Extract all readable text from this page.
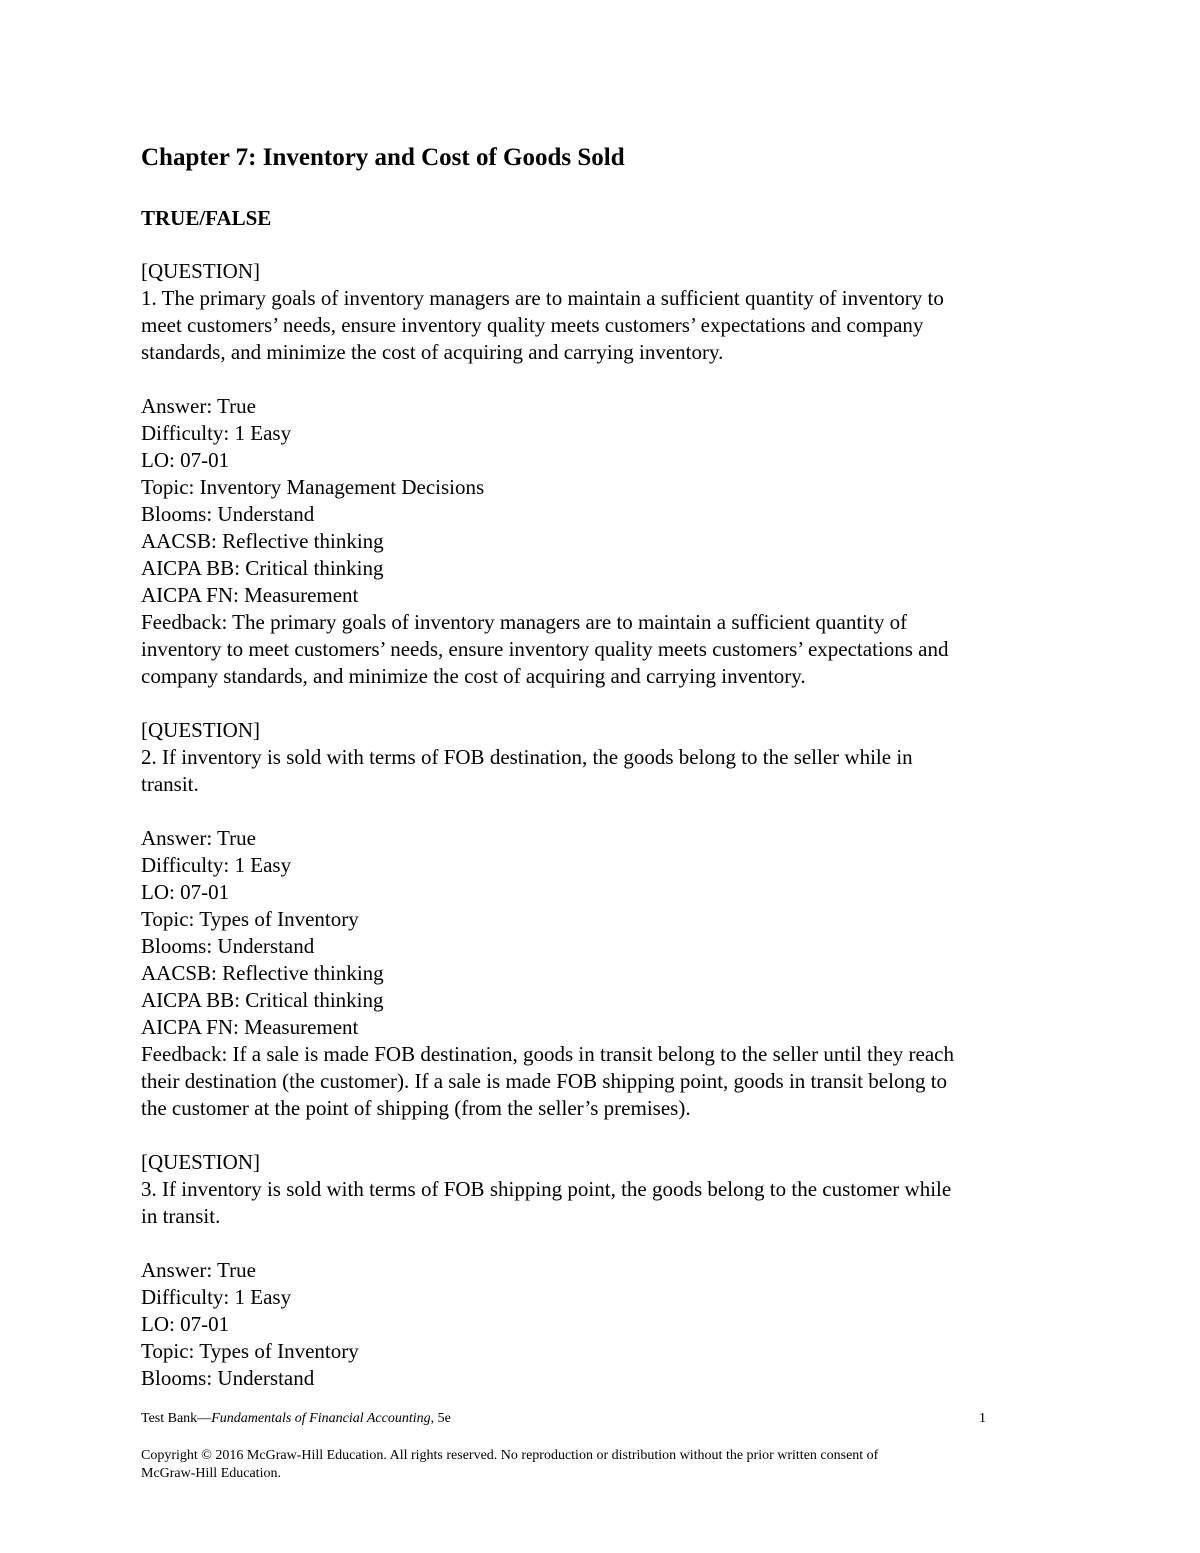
Chapter 7: Inventory and Cost of Goods Sold
TRUE/FALSE
[QUESTION]
1. The primary goals of inventory managers are to maintain a sufficient quantity of inventory to
meet customers’ needs, ensure inventory quality meets customers’ expectations and company
standards, and minimize the cost of acquiring and carrying inventory.
Answer: True
Difficulty: 1 Easy
LO: 07-01
Topic: Inventory Management Decisions
Blooms: Understand
AACSB: Reflective thinking
AICPA BB: Critical thinking
AICPA FN: Measurement
Feedback: The primary goals of inventory managers are to maintain a sufficient quantity of
inventory to meet customers’ needs, ensure inventory quality meets customers’ expectations and
company standards, and minimize the cost of acquiring and carrying inventory.
[QUESTION]
2. If inventory is sold with terms of FOB destination, the goods belong to the seller while in
transit.
Answer: True
Difficulty: 1 Easy
LO: 07-01
Topic: Types of Inventory
Blooms: Understand
AACSB: Reflective thinking
AICPA BB: Critical thinking
AICPA FN: Measurement
Feedback: If a sale is made FOB destination, goods in transit belong to the seller until they reach
their destination (the customer). If a sale is made FOB shipping point, goods in transit belong to
the customer at the point of shipping (from the seller’s premises).
[QUESTION]
3. If inventory is sold with terms of FOB shipping point, the goods belong to the customer while
in transit.
Answer: True
Difficulty: 1 Easy
LO: 07-01
Topic: Types of Inventory
Blooms: Understand
Test Bank—Fundamentals of Financial Accounting, 5e	1
Copyright © 2016 McGraw-Hill Education. All rights reserved. No reproduction or distribution without the prior written consent of
McGraw-Hill Education.
